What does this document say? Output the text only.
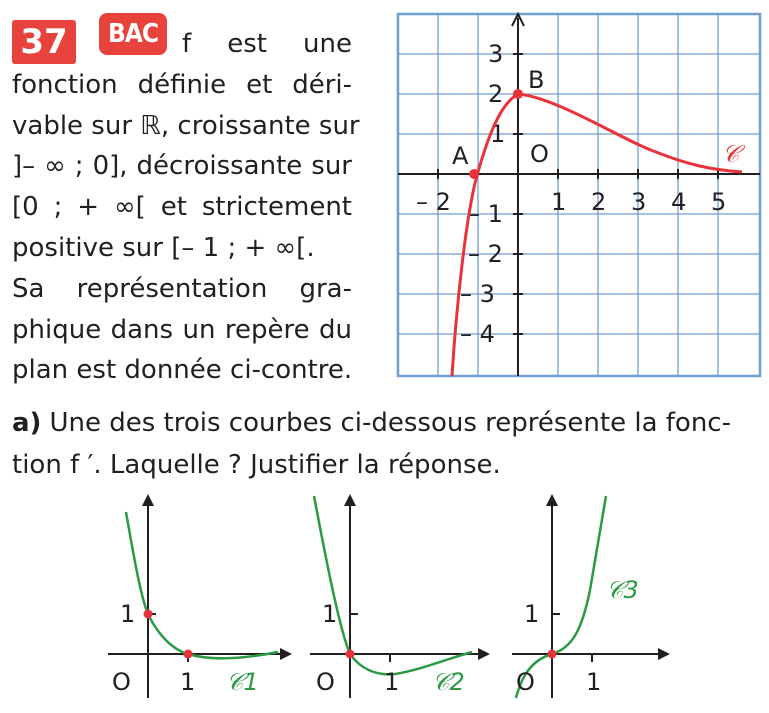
37	BAC f est une
fonction définie et déri-
vable sur ℝ, croissante sur
]– ∞ ; 0], décroissante sur
[0 ; + ∞[ et strictement
positive sur [– 1 ; + ∞[.
Sa représentation gra-
phique dans un repère du
plan est donnée ci-contre.
– 2	1 2 3 4 5
3
2
1
– 1
– 2
– 3
– 4
O
A
B
𝒞
a) Une des trois courbes ci-dessous représente la fonc-
tion f ′. Laquelle ? Justifier la réponse.
1
O 1 𝒞1
1
O 1 𝒞2
1
O 1
𝒞3
